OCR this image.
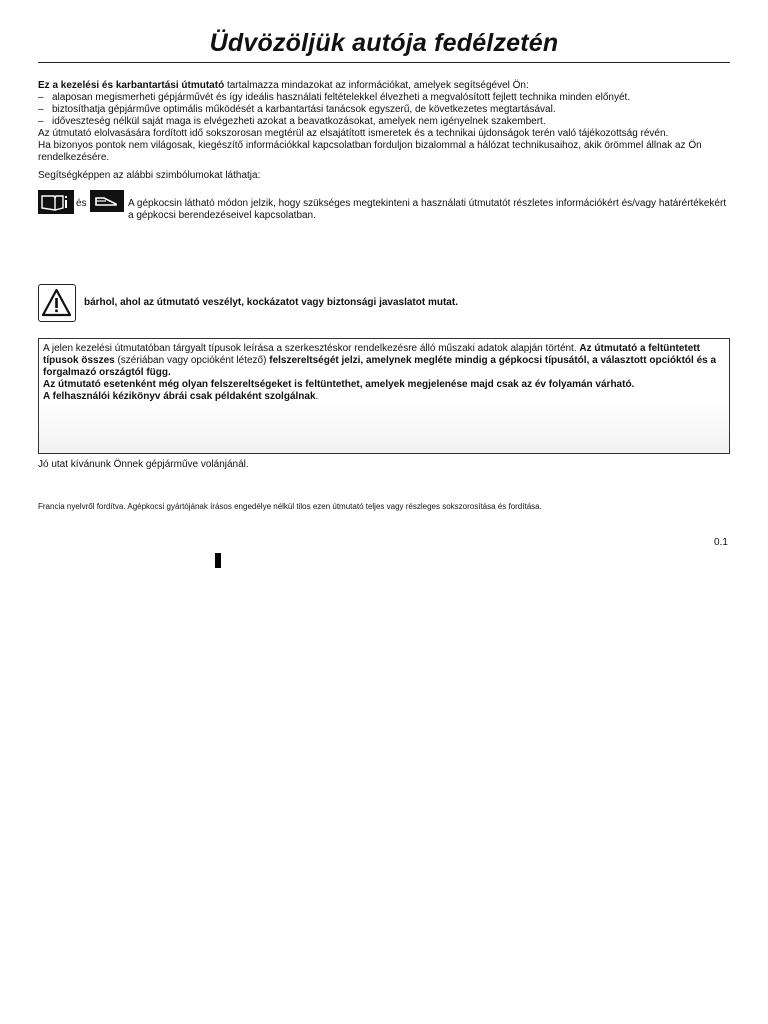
Üdvözöljük autója fedélzetén

Ez a kezelési és karbantartási útmutató tartalmazza mindazokat az információkat, amelyek segítségével Ön:

– alaposan megismerheti gépjárművét és így ideális használati feltételekkel élvezheti a megvalósított fejlett technika minden előnyét.
– biztosíthatja gépjárműve optimális működését a karbantartási tanácsok egyszerű, de következetes megtartásával.
– időveszteség nélkül saját maga is elvégezheti azokat a beavatkozásokat, amelyek nem igényelnek szakembert.

Az útmutató elolvasására fordított idő sokszorosan megtérül az elsajátított ismeretek és a technikai újdonságok terén való tájékozottság révén.

Ha bizonyos pontok nem világosak, kiegészítő információkkal kapcsolatban forduljon bizalommal a hálózat technikusaihoz, akik örömmel állnak az Ön rendelkezésére.

Segítségképpen az alábbi szimbólumokat láthatja:
és	A gépkocsin látható módon jelzik, hogy szükséges megtekinteni a használati útmutatót részletes információkért és/vagy határértékekért a gépkocsi berendezéseivel kapcsolatban.
bárhol, ahol az útmutató veszélyt, kockázatot vagy biztonsági javaslatot mutat.

A jelen kezelési útmutatóban tárgyalt típusok leírása a szerkesztéskor rendelkezésre álló műszaki adatok alapján történt. Az útmutató a feltüntetett típusok összes (szériában vagy opcióként létező) felszereltségét jelzi, amelynek megléte mindig a gépkocsi típusától, a választott opcióktól és a forgalmazó országtól függ.

Az útmutató esetenként még olyan felszereltségeket is feltüntethet, amelyek megjelenése majd csak az év folyamán várható.

A felhasználói kézikönyv ábrái csak példaként szolgálnak.

Jó utat kívánunk Önnek gépjárműve volánjánál.
Francia nyelvről fordítva. Agépkocsi gyártójának írásos engedélye nélkül tilos ezen útmutató teljes vagy részleges sokszorosítása és fordítása.
0.1
